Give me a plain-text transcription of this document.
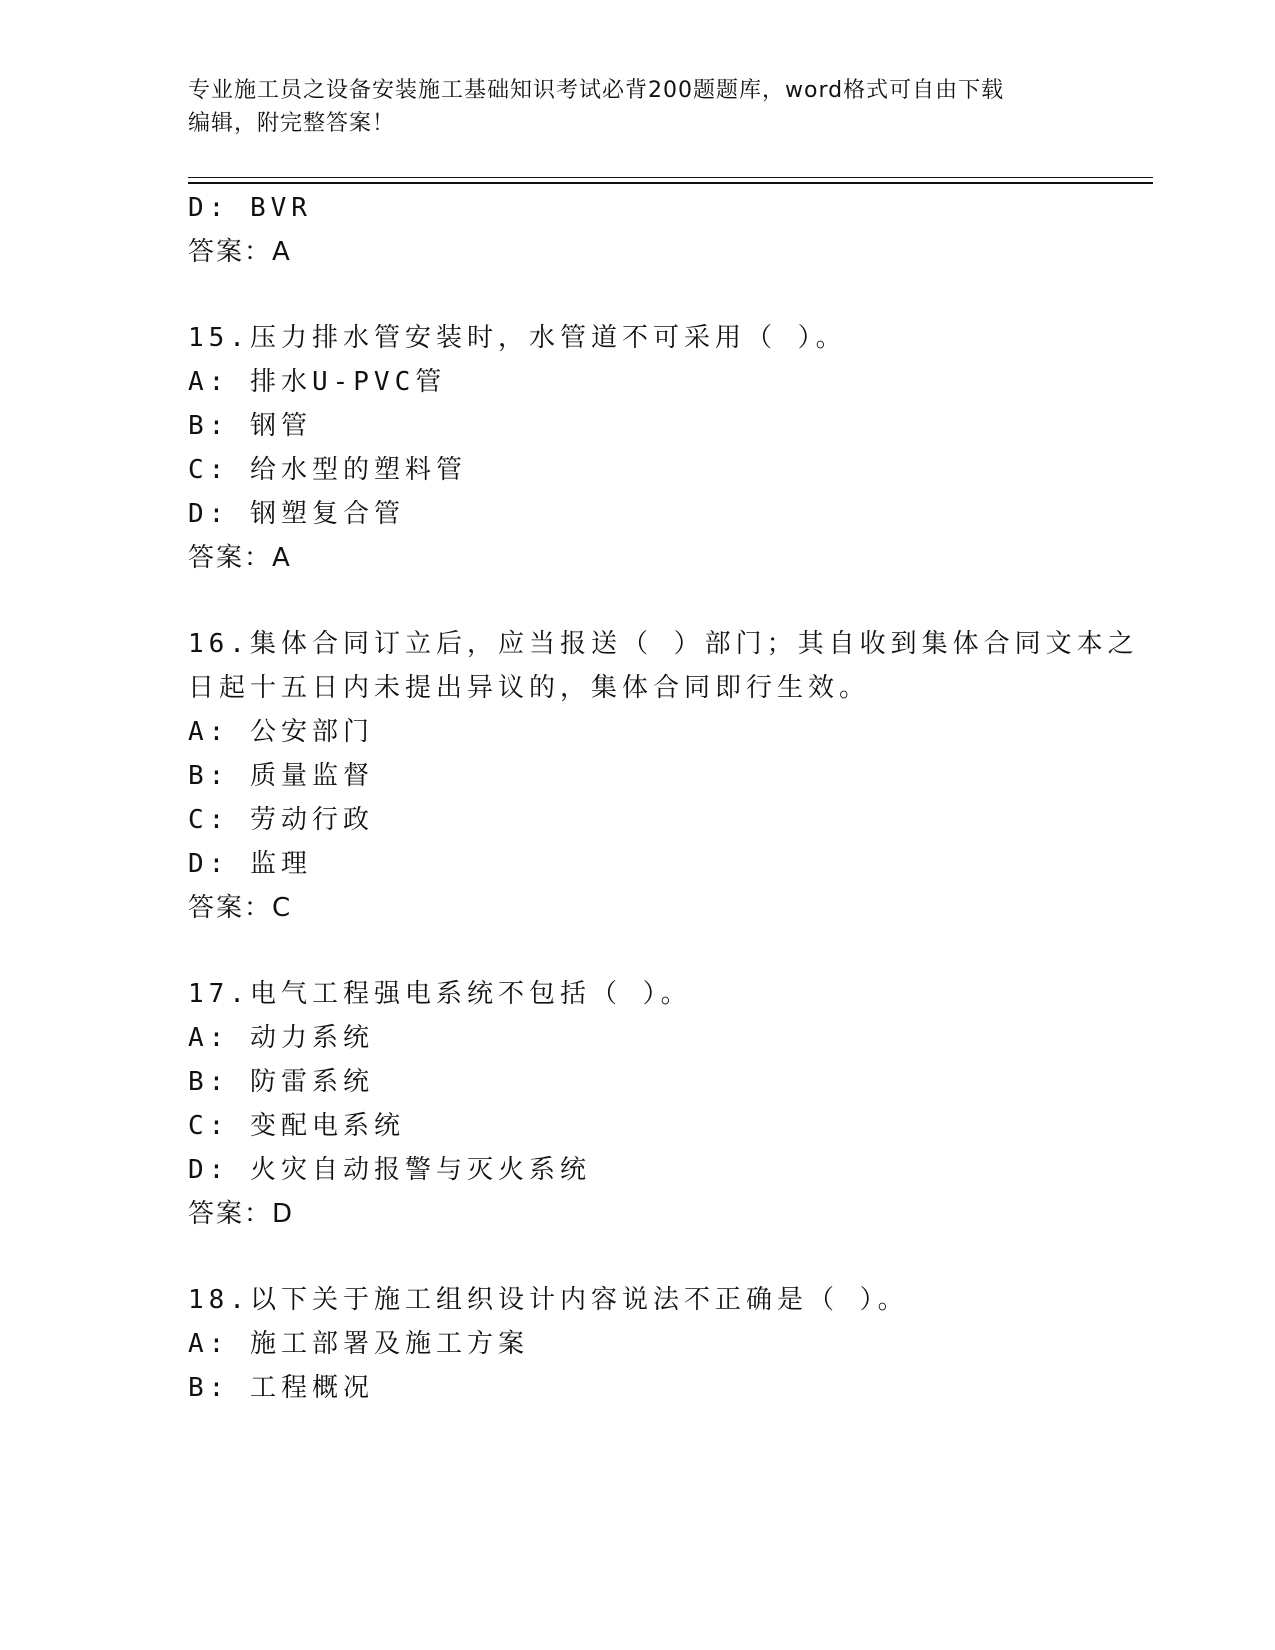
专业施工员之设备安装施工基础知识考试必背200题题库，word格式可自由下载
编辑，附完整答案！
D: BVR
答案：A
15.压力排水管安装时，水管道不可采用（ ）。
A: 排水U-PVC管
B: 钢管
C: 给水型的塑料管
D: 钢塑复合管
答案：A
16.集体合同订立后，应当报送（ ）部门；其自收到集体合同文本之
日起十五日内未提出异议的，集体合同即行生效。
A: 公安部门
B: 质量监督
C: 劳动行政
D: 监理
答案：C
17.电气工程强电系统不包括（ ）。
A: 动力系统
B: 防雷系统
C: 变配电系统
D: 火灾自动报警与灭火系统
答案：D
18.以下关于施工组织设计内容说法不正确是（ ）。
A: 施工部署及施工方案
B: 工程概况
